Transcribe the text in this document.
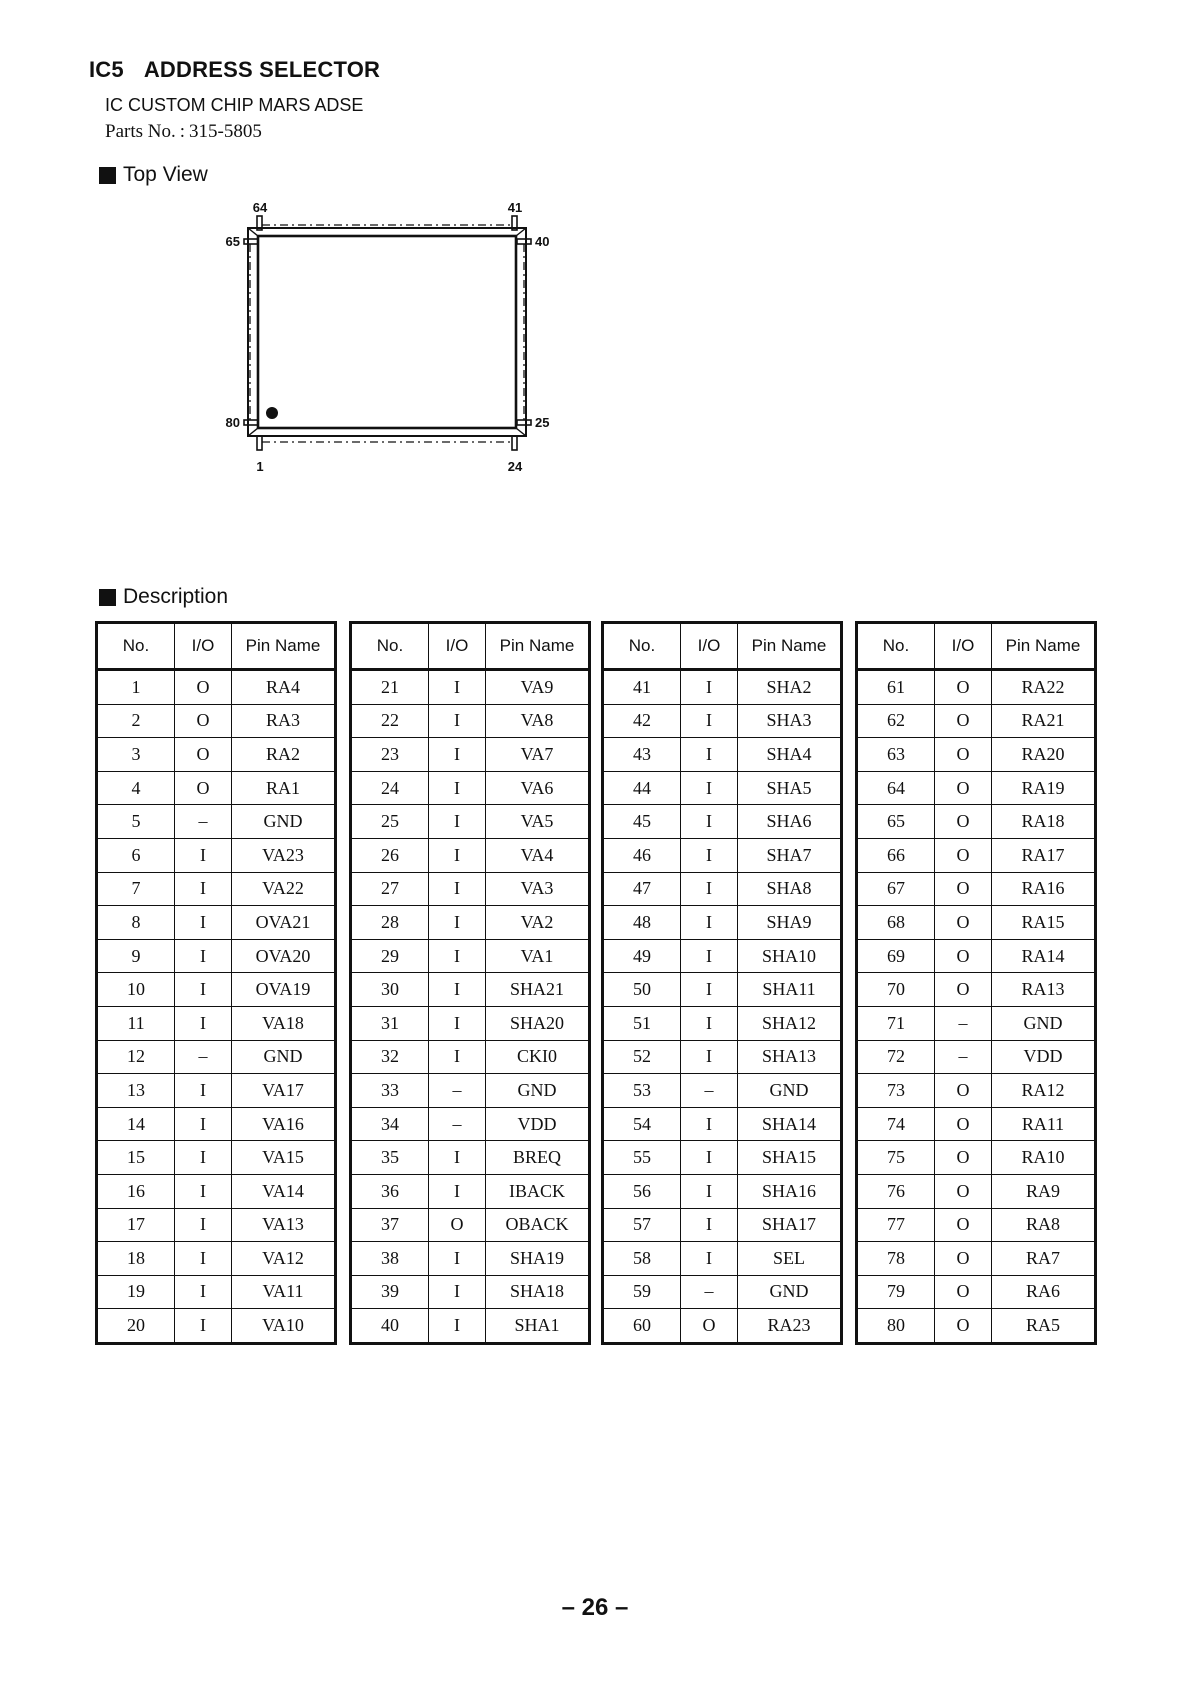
IC5 ADDRESS SELECTOR
IC CUSTOM CHIP MARS ADSE
Parts No. : 315-5805
Top View
64	41
65	40
80	25
1	24
Description
No.	I/O	Pin Name
1	O	RA4
2	O	RA3
3	O	RA2
4	O	RA1
5	–	GND
6	I	VA23
7	I	VA22
8	I	OVA21
9	I	OVA20
10	I	OVA19
11	I	VA18
12	–	GND
13	I	VA17
14	I	VA16
15	I	VA15
16	I	VA14
17	I	VA13
18	I	VA12
19	I	VA11
20	I	VA10
No.	I/O	Pin Name
21	I	VA9
22	I	VA8
23	I	VA7
24	I	VA6
25	I	VA5
26	I	VA4
27	I	VA3
28	I	VA2
29	I	VA1
30	I	SHA21
31	I	SHA20
32	I	CKI0
33	–	GND
34	–	VDD
35	I	BREQ
36	I	IBACK
37	O	OBACK
38	I	SHA19
39	I	SHA18
40	I	SHA1
No.	I/O	Pin Name
41	I	SHA2
42	I	SHA3
43	I	SHA4
44	I	SHA5
45	I	SHA6
46	I	SHA7
47	I	SHA8
48	I	SHA9
49	I	SHA10
50	I	SHA11
51	I	SHA12
52	I	SHA13
53	–	GND
54	I	SHA14
55	I	SHA15
56	I	SHA16
57	I	SHA17
58	I	SEL
59	–	GND
60	O	RA23
No.	I/O	Pin Name
61	O	RA22
62	O	RA21
63	O	RA20
64	O	RA19
65	O	RA18
66	O	RA17
67	O	RA16
68	O	RA15
69	O	RA14
70	O	RA13
71	–	GND
72	–	VDD
73	O	RA12
74	O	RA11
75	O	RA10
76	O	RA9
77	O	RA8
78	O	RA7
79	O	RA6
80	O	RA5
– 26 –
